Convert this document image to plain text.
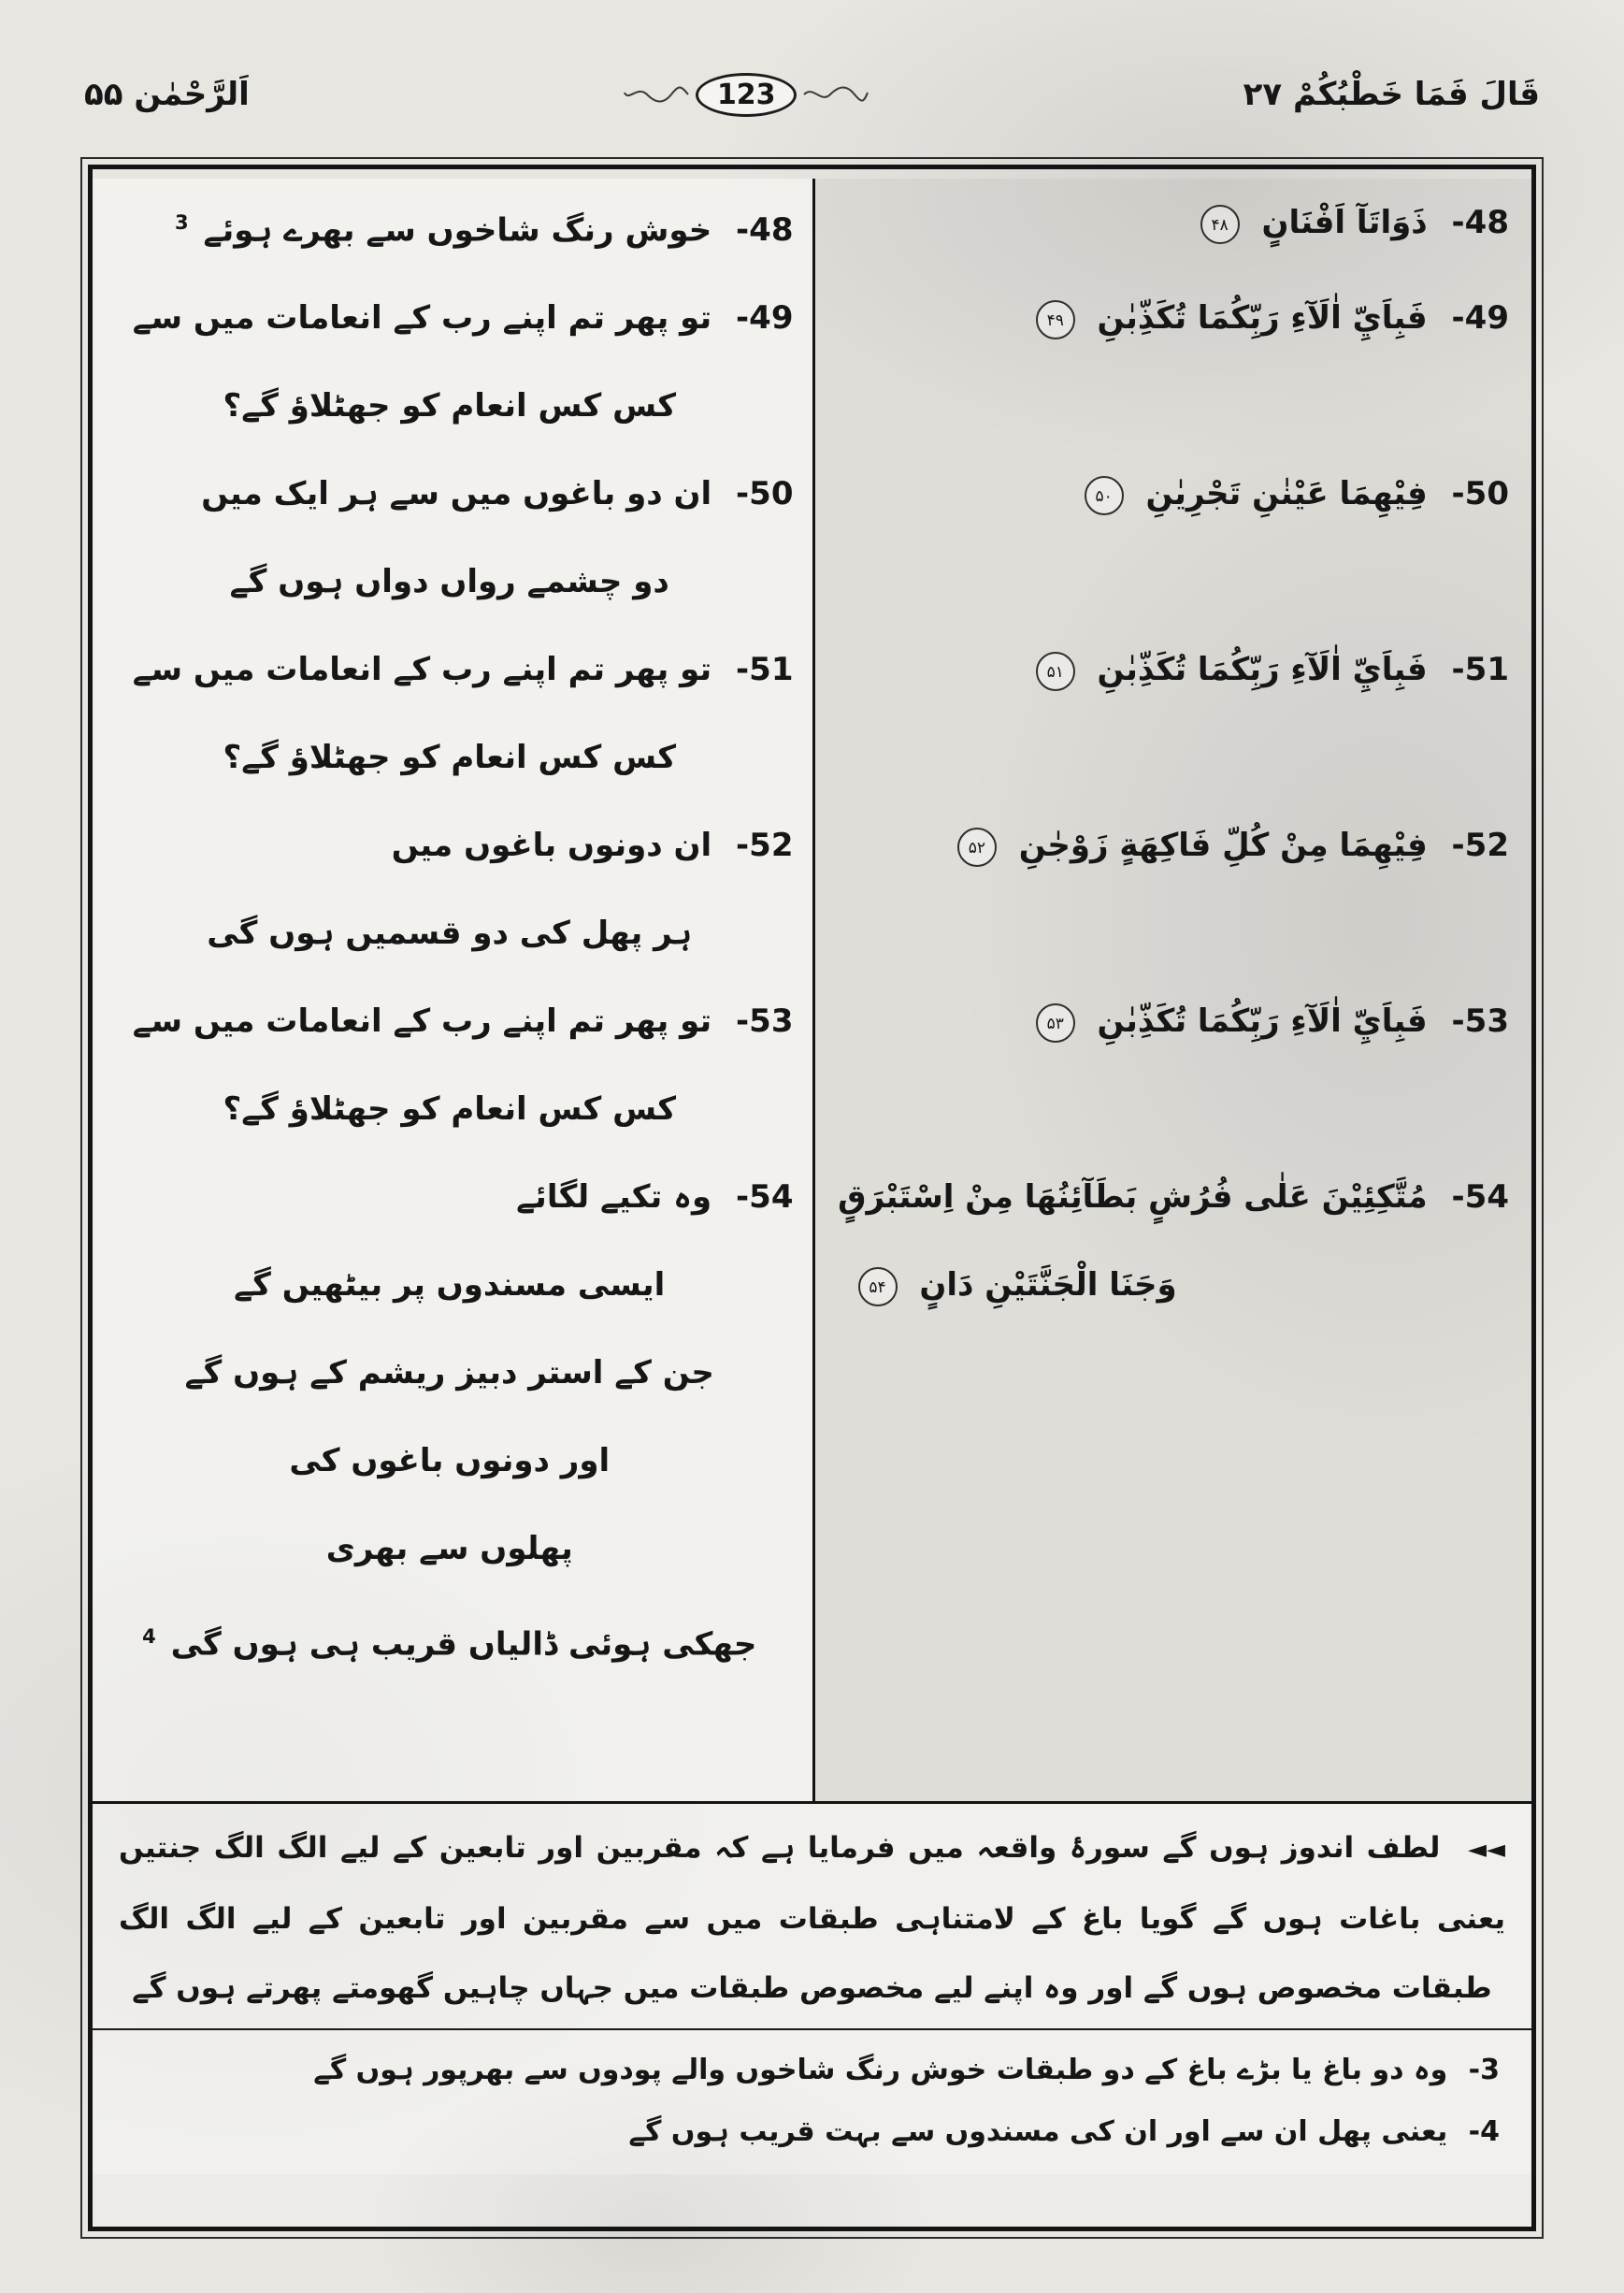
قَالَ فَمَا خَطْبُكُمْ ۲۷
123
اَلرَّحْمٰن ۵۵
48- ذَوَاتَآ اَفْنَانٍ ۴۸
48- خوش رنگ شاخوں سے بھرے ہوئے $^3$
49- فَبِاَيِّ اٰلَآءِ رَبِّكُمَا تُكَذِّبٰنِ ۴۹
49- تو پھر تم اپنے رب کے انعامات میں سے
کس کس انعام کو جھٹلاؤ گے؟
50- فِيْهِمَا عَيْنٰنِ تَجْرِيٰنِ ۵۰
50- ان دو باغوں میں سے ہر ایک میں
دو چشمے رواں دواں ہوں گے
51- فَبِاَيِّ اٰلَآءِ رَبِّكُمَا تُكَذِّبٰنِ ۵۱
51- تو پھر تم اپنے رب کے انعامات میں سے
کس کس انعام کو جھٹلاؤ گے؟
52- فِيْهِمَا مِنْ كُلِّ فَاكِهَةٍ زَوْجٰنِ ۵۲
52- ان دونوں باغوں میں
ہر پھل کی دو قسمیں ہوں گی
53- فَبِاَيِّ اٰلَآءِ رَبِّكُمَا تُكَذِّبٰنِ ۵۳
53- تو پھر تم اپنے رب کے انعامات میں سے
کس کس انعام کو جھٹلاؤ گے؟
54- مُتَّكِئِيْنَ عَلٰى فُرُشٍ بَطَآئِنُهَا مِنْ اِسْتَبْرَقٍ
وَجَنَا الْجَنَّتَيْنِ دَانٍ ۵۴
54- وہ تکیے لگائے
ایسی مسندوں پر بیٹھیں گے
جن کے استر دبیز ریشم کے ہوں گے
اور دونوں باغوں کی
پھلوں سے بھری
جھکی ہوئی ڈالیاں قریب ہی ہوں گی $^4$

◄◄ لطف اندوز ہوں گے سورۂ واقعہ میں فرمایا ہے کہ مقربین اور تابعین کے لیے الگ الگ جنتیں یعنی باغات ہوں گے گویا باغ کے لامتناہی طبقات میں سے مقربین اور تابعین کے لیے الگ الگ طبقات مخصوص ہوں گے اور وہ اپنے لیے مخصوص طبقات میں جہاں چاہیں گھومتے پھرتے ہوں گے

3- وہ دو باغ یا بڑے باغ کے دو طبقات خوش رنگ شاخوں والے پودوں سے بھرپور ہوں گے
4- یعنی پھل ان سے اور ان کی مسندوں سے بہت قریب ہوں گے
